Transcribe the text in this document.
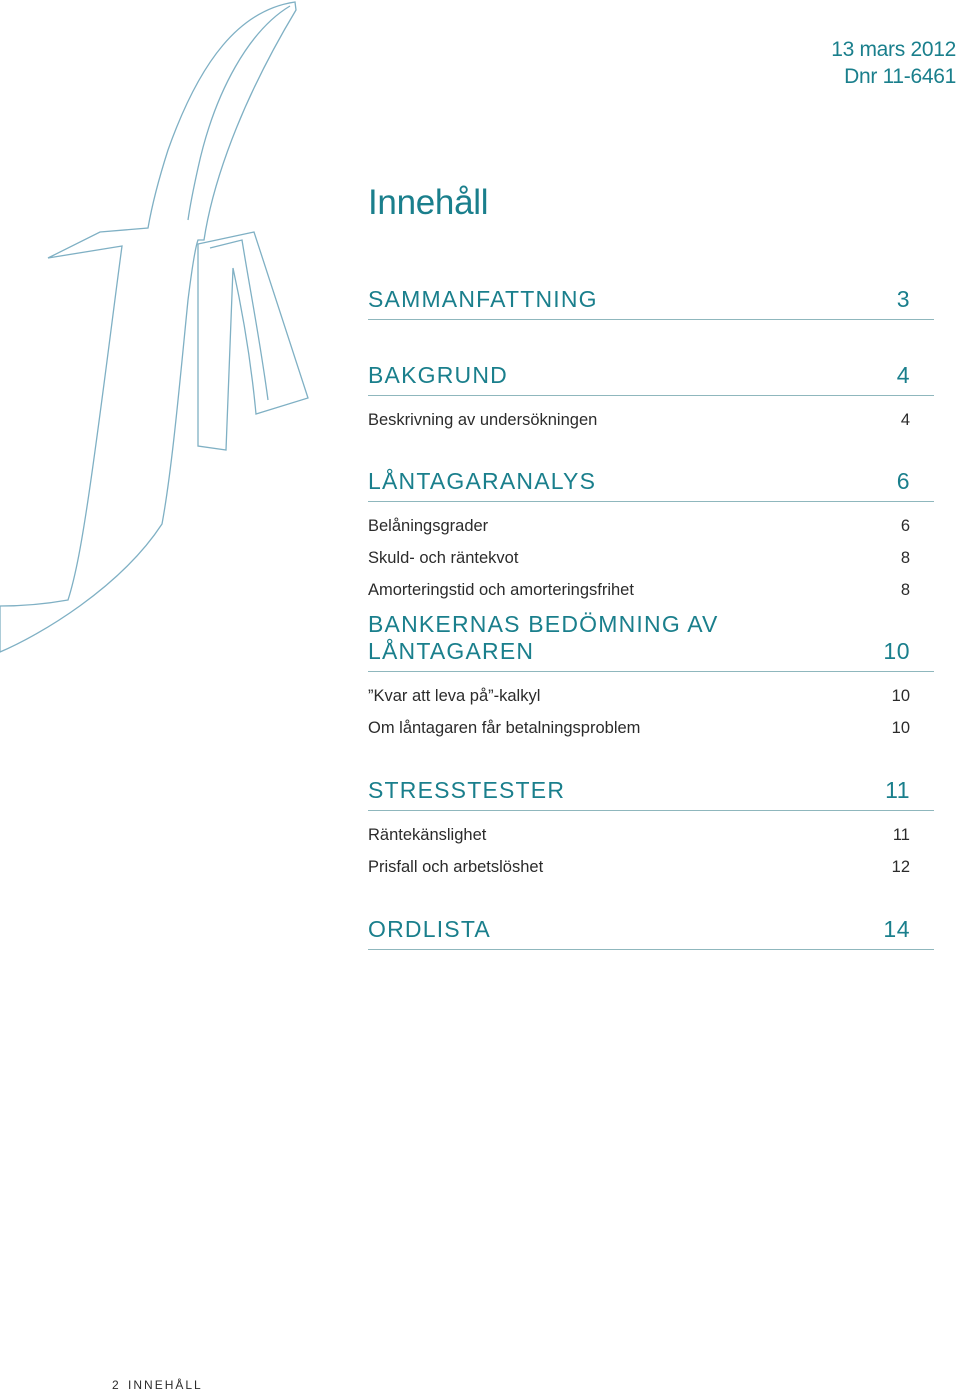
13 mars 2012
Dnr 11-6461
Innehåll
SAMMANFATTNING	3
BAKGRUND	4
Beskrivning av undersökningen	4
LÅNTAGARANALYS	6
Belåningsgrader	6
Skuld- och räntekvot	8
Amorteringstid och amorteringsfrihet	8
BANKERNAS BEDÖMNING AV LÅNTAGAREN	10
”Kvar att leva på”-kalkyl	10
Om låntagaren får betalningsproblem	10
STRESSTESTER	11
Räntekänslighet	11
Prisfall och arbetslöshet	12
ORDLISTA	14
2 INNEHÅLL
